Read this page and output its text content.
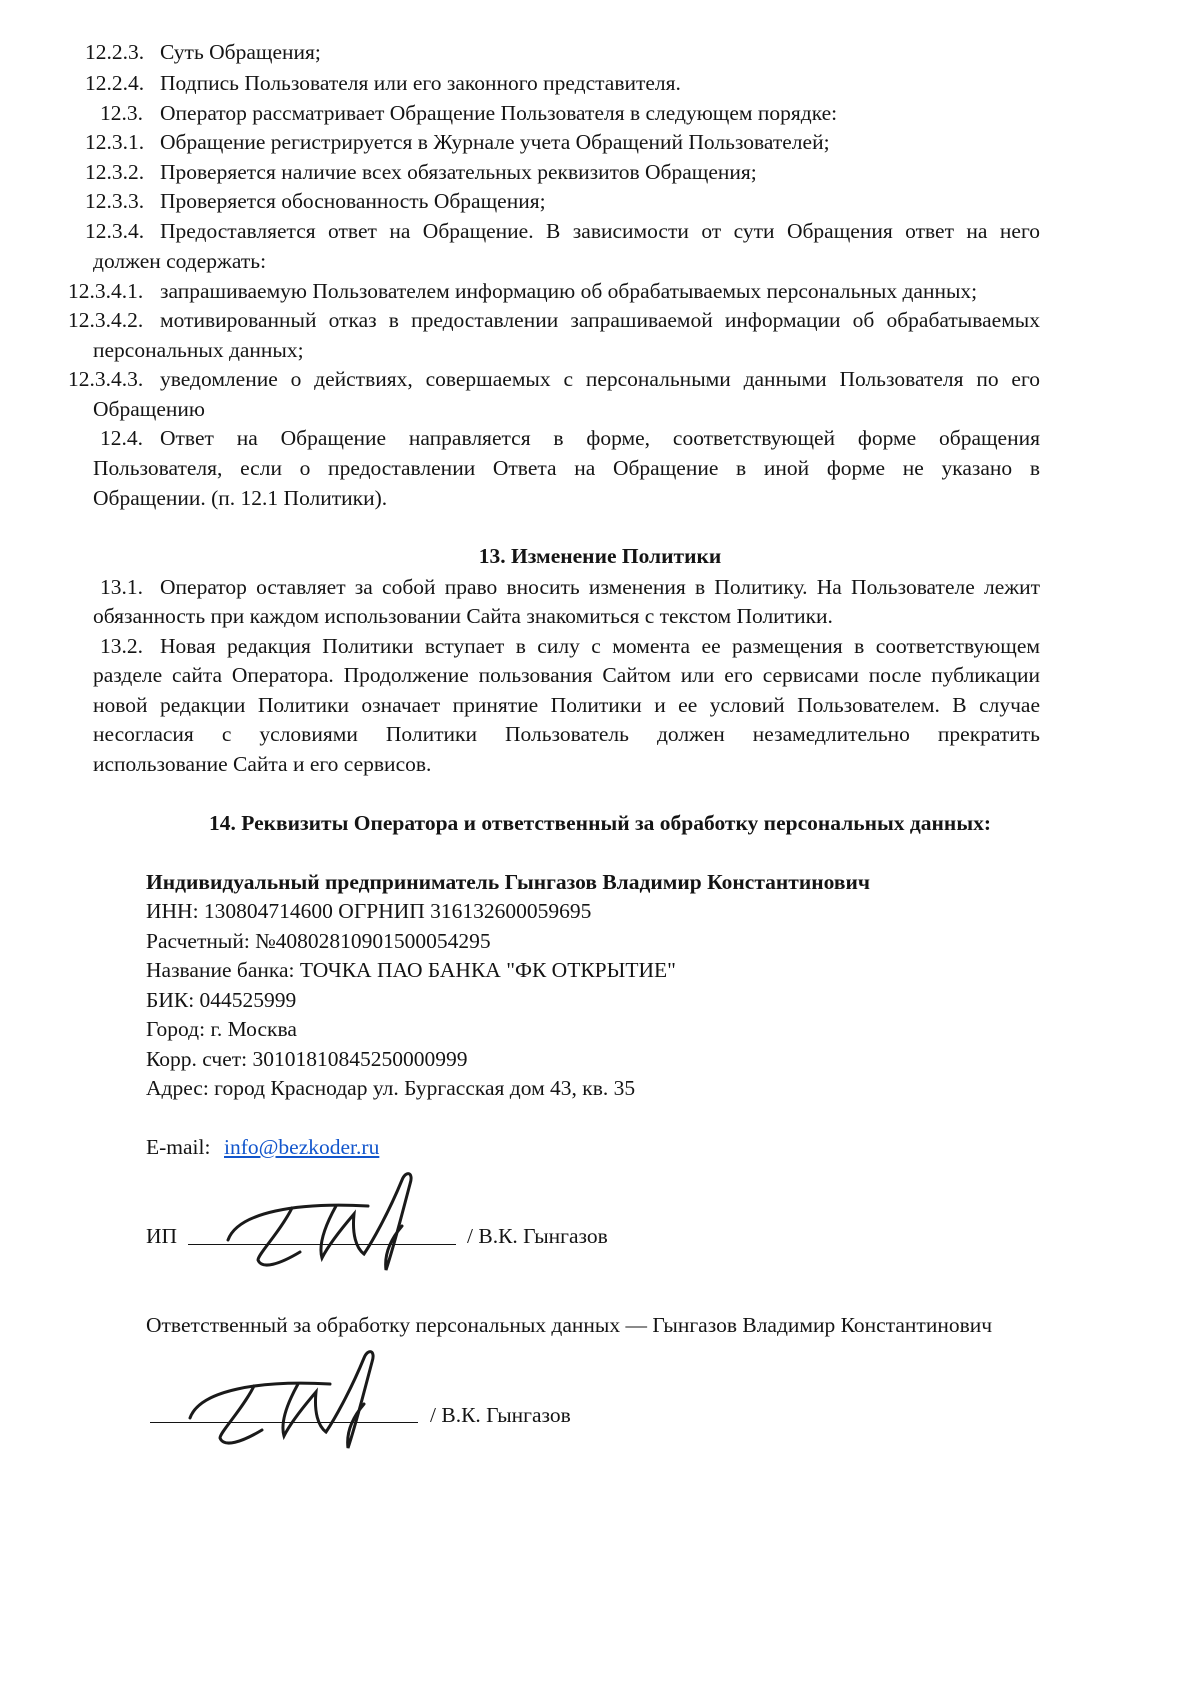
12.2.3. Суть Обращения;
12.2.4. Подпись Пользователя или его законного представителя.
12.3. Оператор рассматривает Обращение Пользователя в следующем порядке:
12.3.1. Обращение регистрируется в Журнале учета Обращений Пользователей;
12.3.2. Проверяется наличие всех обязательных реквизитов Обращения;
12.3.3. Проверяется обоснованность Обращения;
12.3.4. Предоставляется ответ на Обращение. В зависимости от сути Обращения ответ на него
должен содержать:
12.3.4.1. запрашиваемую Пользователем информацию об обрабатываемых персональных данных;
12.3.4.2. мотивированный отказ в предоставлении запрашиваемой информации об обрабатываемых
персональных данных;
12.3.4.3. уведомление о действиях, совершаемых с персональными данными Пользователя по его
Обращению
12.4. Ответ на Обращение направляется в форме, соответствующей форме обращения
Пользователя, если о предоставлении Ответа на Обращение в иной форме не указано в
Обращении. (п. 12.1 Политики).
13. Изменение Политики
13.1. Оператор оставляет за собой право вносить изменения в Политику. На Пользователе лежит
обязанность при каждом использовании Сайта знакомиться с текстом Политики.
13.2. Новая редакция Политики вступает в силу с момента ее размещения в соответствующем
разделе сайта Оператора. Продолжение пользования Сайтом или его сервисами после публикации
новой редакции Политики означает принятие Политики и ее условий Пользователем. В случае
несогласия с условиями Политики Пользователь должен незамедлительно прекратить
использование Сайта и его сервисов.
14. Реквизиты Оператора и ответственный за обработку персональных данных:
Индивидуальный предприниматель Гынгазов Владимир Константинович
ИНН: 130804714600 ОГРНИП 316132600059695
Расчетный: №40802810901500054295
Название банка: ТОЧКА ПАО БАНКА "ФК ОТКРЫТИЕ"
БИК: 044525999
Город: г. Москва
Корр. счет: 30101810845250000999
Адрес: город Краснодар ул. Бургасская дом 43, кв. 35
E-mail: info@bezkoder.ru
ИП	/ В.К. Гынгазов
Ответственный за обработку персональных данных — Гынгазов Владимир Константинович
/ В.К. Гынгазов
